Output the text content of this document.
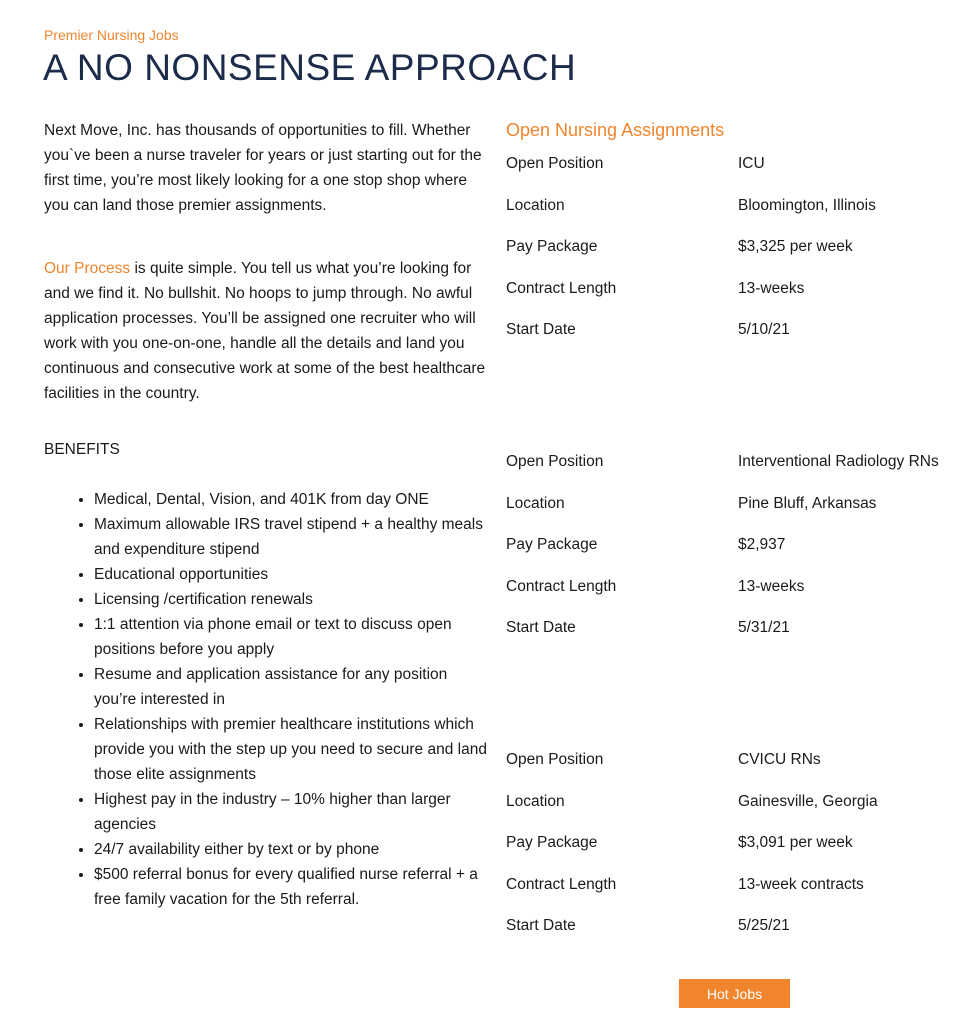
Premier Nursing Jobs
A NO NONSENSE APPROACH

Next Move, Inc. has thousands of opportunities to fill. Whether you`ve been a nurse traveler for years or just starting out for the first time, you’re most likely looking for a one stop shop where you can land those premier assignments.

Our Process is quite simple. You tell us what you’re looking for and we find it. No bullshit. No hoops to jump through. No awful application processes. You’ll be assigned one recruiter who will work with you one-on-one, handle all the details and land you continuous and consecutive work at some of the best healthcare facilities in the country.

BENEFITS

• Medical, Dental, Vision, and 401K from day ONE
• Maximum allowable IRS travel stipend + a healthy meals and expenditure stipend
• Educational opportunities
• Licensing /certification renewals
• 1:1 attention via phone email or text to discuss open positions before you apply
• Resume and application assistance for any position you’re interested in
• Relationships with premier healthcare institutions which provide you with the step up you need to secure and land those elite assignments
• Highest pay in the industry – 10% higher than larger agencies
• 24/7 availability either by text or by phone
• $500 referral bonus for every qualified nurse referral + a free family vacation for the 5th referral.
Open Nursing Assignments
Open Position	ICU
Location	Bloomington, Illinois
Pay Package	$3,325 per week
Contract Length	13-weeks
Start Date	5/10/21
Open Position	Interventional Radiology RNs
Location	Pine Bluff, Arkansas
Pay Package	$2,937
Contract Length	13-weeks
Start Date	5/31/21
Open Position	CVICU RNs
Location	Gainesville, Georgia
Pay Package	$3,091 per week
Contract Length	13-week contracts
Start Date	5/25/21
Hot Jobs
